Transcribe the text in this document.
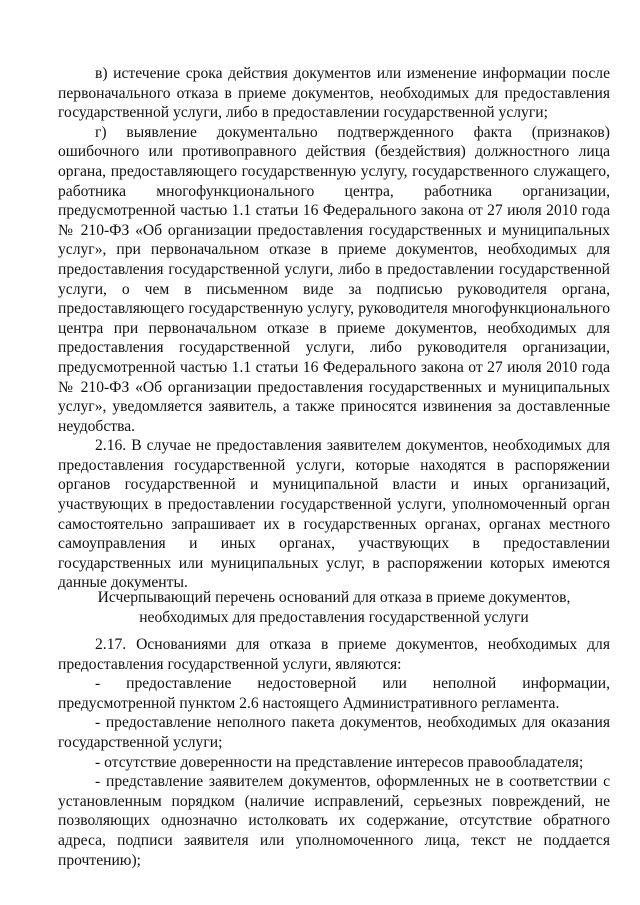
в) истечение срока действия документов или изменение информации после первоначального отказа в приеме документов, необходимых для предоставления государственной услуги, либо в предоставлении государственной услуги;

г) выявление документально подтвержденного факта (признаков) ошибочного или противоправного действия (бездействия) должностного лица органа, предоставляющего государственную услугу, государственного служащего, работника многофункционального центра, работника организации, предусмотренной частью 1.1 статьи 16 Федерального закона от 27 июля 2010 года № 210-ФЗ «Об организации предоставления государственных и муниципальных услуг», при первоначальном отказе в приеме документов, необходимых для предоставления государственной услуги, либо в предоставлении государственной услуги, о чем в письменном виде за подписью руководителя органа, предоставляющего государственную услугу, руководителя многофункционального центра при первоначальном отказе в приеме документов, необходимых для предоставления государственной услуги, либо руководителя организации, предусмотренной частью 1.1 статьи 16 Федерального закона от 27 июля 2010 года № 210-ФЗ «Об организации предоставления государственных и муниципальных услуг», уведомляется заявитель, а также приносятся извинения за доставленные неудобства.

2.16. В случае не предоставления заявителем документов, необходимых для предоставления государственной услуги, которые находятся в распоряжении органов государственной и муниципальной власти и иных организаций, участвующих в предоставлении государственной услуги, уполномоченный орган самостоятельно запрашивает их в государственных органах, органах местного самоуправления и иных органах, участвующих в предоставлении государственных или муниципальных услуг, в распоряжении которых имеются данные документы.

Исчерпывающий перечень оснований для отказа в приеме документов,
необходимых для предоставления государственной услуги

2.17. Основаниями для отказа в приеме документов, необходимых для предоставления государственной услуги, являются:

- предоставление недостоверной или неполной информации, предусмотренной пунктом 2.6 настоящего Административного регламента.

- предоставление неполного пакета документов, необходимых для оказания государственной услуги;

- отсутствие доверенности на представление интересов правообладателя;

- представление заявителем документов, оформленных не в соответствии с установленным порядком (наличие исправлений, серьезных повреждений, не позволяющих однозначно истолковать их содержание, отсутствие обратного адреса, подписи заявителя или уполномоченного лица, текст не поддается прочтению);
